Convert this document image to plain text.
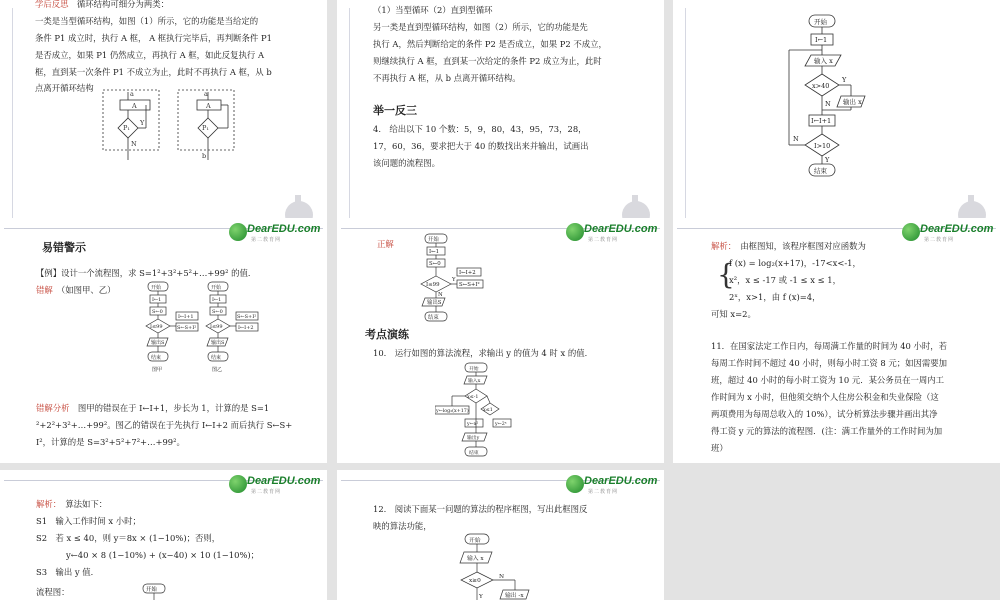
学后反思　 循环结构可细分为两类：
一类是当型循环结构，如图（1）所示，它的功能是当给定的
条件 P1 成立时，执行 A 框， A 框执行完毕后，再判断条件 P1
是否成立，如果 P1 仍然成立，再执行 A 框，如此反复执行 A
框，直到某一次条件 P1 不成立为止，此时不再执行 A 框，从 b
点离开循环结构
a
A
P₁
Y
N
a
A
P₁
b
（1）当型循环（2）直到型循环
另一类是直到型循环结构，如图（2）所示，它的功能是先
执行 A，然后判断给定的条件 P2 是否成立，如果 P2 不成立，
则继续执行 A 框，直到某一次给定的条件 P2 成立为止，此时
不再执行 A 框，从 b 点离开循环结构。
举一反三
4.　给出以下 10 个数：5，9，80，43，95，73，28，
17，60，36，要求把大于 40 的数找出来并输出，试画出
该问题的流程图。
开始
I←1
输入 x
x>40
输出 x
I←I+1
I>10
结束
Y
N
N
Y
DearEDU.com
第二教育网
易错警示
【例】设计一个流程图，求 S=1²+3²+5²+…+99² 的值．
错解　 （如图甲、乙）	开始
I←1
S←0
I≤99
I←I+1
S←S+I²
输出S
结束
开始
I←1
S←0
I≤99
S←S+I²
I←I+2
输出S
结束
图甲	图乙
错解分析　 图甲的错误在于 I←I+1，步长为 1，计算的是 S=1
²+2²+3²+…+99²。图乙的错误在于先执行 I←I+2 而后执行 S←S+
I²，计算的是 S=3²+5²+7²+…+99²。
DearEDU.com
第二教育网
正解	开始
I←1
S←0
I≤99
I←I+2
S←S+I²
输出S
结束
Y
N
考点演练
10.　运行如图的算法流程，求输出 y 的值为 4 时 x 的值．
开始
输入x
x≤-1
x≤1
y←log₂(x+17)
y←x²	y←2ˣ
输出y
结束
DearEDU.com
第二教育网
解析：　 由框图知，该程序框图对应函数为
{
f (x) = log₂(x+17)，-17<x<-1，
x²，x ≤ -17 或 -1 ≤ x ≤ 1，
2ˣ，x>1，由 f (x)=4，
可知 x=2。
11．在国家法定工作日内，每周满工作量的时间为 40 小时，若
每周工作时间不超过 40 小时，则每小时工资 8 元；如因需要加
班，超过 40 小时的每小时工资为 10 元．某公务员在一周内工
作时间为 x 小时，但他须交纳个人住房公积金和失业保险（这
两项费用为每周总收入的 10%），试分析算法步骤并画出其净
得工资 y 元的算法的流程图．(注：满工作量外的工作时间为加
班）
DearEDU.com
第二教育网
解析：　 算法如下：
S1　输入工作时间 x 小时；
S2　若 x ≤ 40，则 y＝8x × (1−10%)；否则，
y←40 × 8 (1−10%) + (x−40) × 10 (1−10%)；
S3　输出 y 值．
流程图：	开始
DearEDU.com
第二教育网
12.　阅读下面某一问题的算法的程序框图，写出此框图反
映的算法功能，
开始
输入 x
x≥0
输出 -x
N
Y
